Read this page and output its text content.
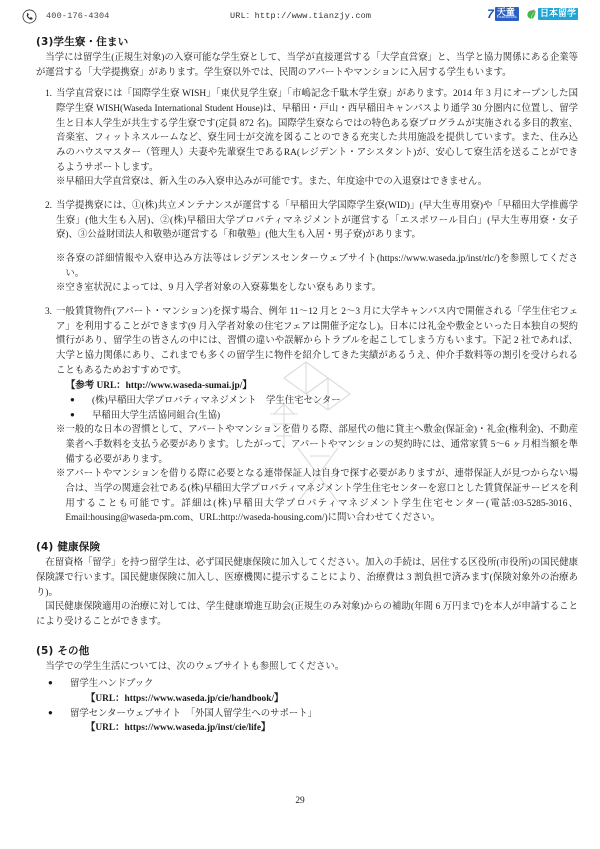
400-176-4304	URL：http://www.tianzjy.com	7 天童
TIANZHUANG	日本留学
(3)学生寮・住まい

当学には留学生(正規生対象)の入寮可能な学生寮として、当学が直接運営する「大学直営寮」と、当学と協力関係にある企業等が運営する「大学提携寮」があります。学生寮以外では、民間のアパートやマンションに入居する学生もいます。

1. 当学直営寮には「国際学生寮 WISH」「東伏見学生寮」「市嶋記念千駄木学生寮」があります。2014 年 3 月にオープンした国際学生寮 WISH(Waseda International Student House)は、早稲田・戸山・西早稲田キャンパスより通学 30 分圏内に位置し、留学生と日本人学生が共生する学生寮です(定員 872 名)。国際学生寮ならではの特色ある寮プログラムが実施される多目的教室、音楽室、フィットネスルームなど、寮生同士が交流を図ることのできる充実した共用施設を提供しています。また、住み込みのハウスマスター（管理人）夫妻や先輩寮生であるRA(レジデント・アシスタント)が、安心して寮生活を送ることができるようサポートします。
※早稲田大学直営寮は、新入生のみ入寮申込みが可能です。また、年度途中での入退寮はできません。
2. 当学提携寮には、①(株)共立メンテナンスが運営する「早稲田大学国際学生寮(WID)」(早大生専用寮)や「早稲田大学推薦学生寮」(他大生も入居)、②(株)早稲田大学プロパティマネジメントが運営する「エスポワール目白」(早大生専用寮・女子寮)、③公益財団法人和敬塾が運営する「和敬塾」(他大生も入居・男子寮)があります。
※各寮の詳細情報や入寮申込み方法等はレジデンスセンターウェブサイト(https://www.waseda.jp/inst/rlc/)を参照してください。
※空き室状況によっては、9 月入学者対象の入寮募集をしない寮もあります。
3. 一般賃貸物件(アパート・マンション)を探す場合、例年 11～12 月と 2～3 月に大学キャンパス内で開催される「学生住宅フェア」を利用することができます(9 月入学者対象の住宅フェアは開催予定なし)。日本には礼金や敷金といった日本独自の契約慣行があり、留学生の皆さんの中には、習慣の違いや誤解からトラブルを起こしてしまう方もいます。下記 2 社であれば、大学と協力関係にあり、これまでも多くの留学生に物件を紹介してきた実績があるうえ、仲介手数料等の割引を受けられることもあるためおすすめです。
【参考 URL：http://www.waseda-sumai.jp/】
● (株)早稲田大学プロパティマネジメント　学生住宅センター
● 早稲田大学生活協同組合(生協)
※一般的な日本の習慣として、アパートやマンションを借りる際、部屋代の他に貸主へ敷金(保証金)・礼金(権利金)、不動産業者へ手数料を支払う必要があります。したがって、アパートやマンションの契約時には、通常家賃 5～6 ヶ月相当額を準備する必要があります。
※アパートやマンションを借りる際に必要となる連帯保証人は自身で探す必要がありますが、連帯保証人が見つからない場合は、当学の関連会社である(株)早稲田大学プロパティマネジメント学生住宅センターを窓口とした賃貸保証サービスを利用することも可能です。詳細は(株)早稲田大学プロパティマネジメント学生住宅センター(電話:03-5285-3016、Email:housing@waseda-pm.com、URL:http://waseda-housing.com/)に問い合わせてください。
(4) 健康保険

在留資格「留学」を持つ留学生は、必ず国民健康保険に加入してください。加入の手続は、居住する区役所(市役所)の国民健康保険課で行います。国民健康保険に加入し、医療機関に提示することにより、治療費は 3 割負担で済みます(保険対象外の治療あり)。

国民健康保険適用の治療に対しては、学生健康増進互助会(正規生のみ対象)からの補助(年間 6 万円まで)を本人が申請することにより受けることができます。

(5) その他

当学での学生生活については、次のウェブサイトも参照してください。

● 留学生ハンドブック
【URL：https://www.waseda.jp/cie/handbook/】
● 留学センターウェブサイト　「外国人留学生へのサポート」
【URL：https://www.waseda.jp/inst/cie/life】
29
